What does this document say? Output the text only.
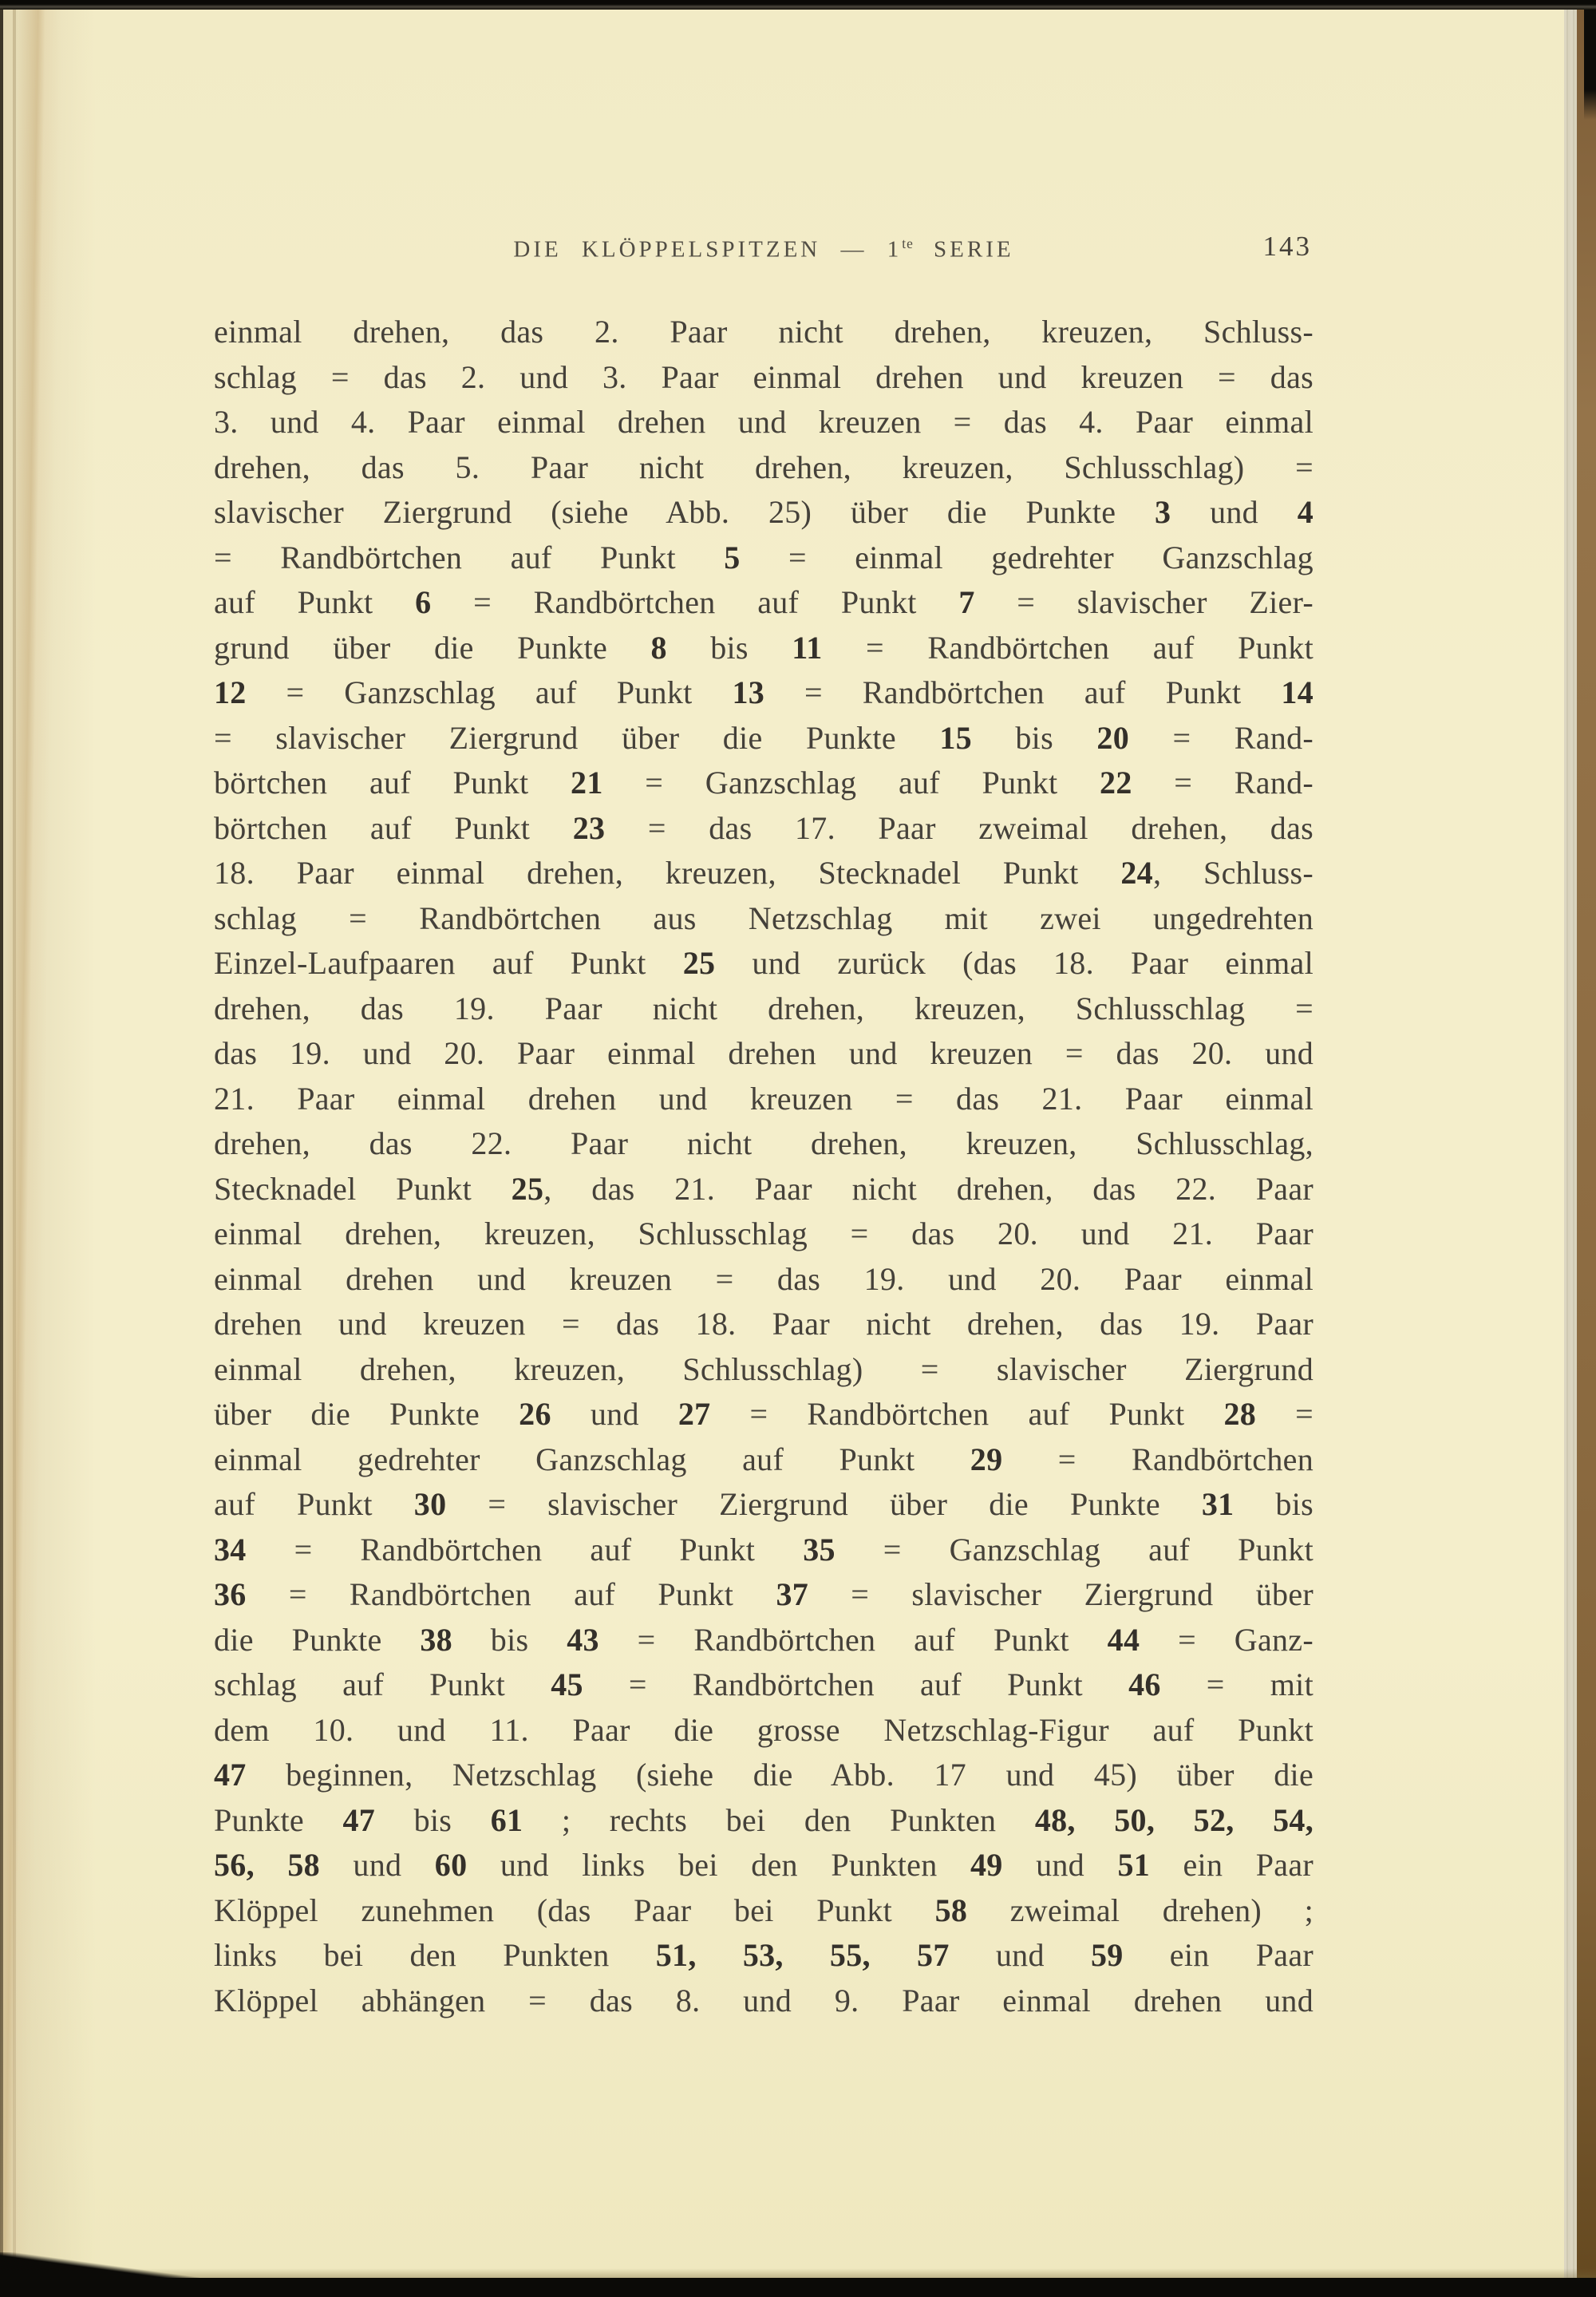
DIE KLÖPPELSPITZEN — $1^{te}$ SERIE	143
einmal drehen, das 2. Paar nicht drehen, kreuzen, Schluss-
schlag = das 2. und 3. Paar einmal drehen und kreuzen = das
3. und 4. Paar einmal drehen und kreuzen = das 4. Paar einmal
drehen, das 5. Paar nicht drehen, kreuzen, Schlusschlag) =
slavischer Ziergrund (siehe Abb. 25) über die Punkte 3 und 4
= Randbörtchen auf Punkt 5 = einmal gedrehter Ganzschlag
auf Punkt 6 = Randbörtchen auf Punkt 7 = slavischer Zier-
grund über die Punkte 8 bis 11 = Randbörtchen auf Punkt
12 = Ganzschlag auf Punkt 13 = Randbörtchen auf Punkt 14
= slavischer Ziergrund über die Punkte 15 bis 20 = Rand-
börtchen auf Punkt 21 = Ganzschlag auf Punkt 22 = Rand-
börtchen auf Punkt 23 = das 17. Paar zweimal drehen, das
18. Paar einmal drehen, kreuzen, Stecknadel Punkt 24, Schluss-
schlag = Randbörtchen aus Netzschlag mit zwei ungedrehten
Einzel-Laufpaaren auf Punkt 25 und zurück (das 18. Paar einmal
drehen, das 19. Paar nicht drehen, kreuzen, Schlusschlag =
das 19. und 20. Paar einmal drehen und kreuzen = das 20. und
21. Paar einmal drehen und kreuzen = das 21. Paar einmal
drehen, das 22. Paar nicht drehen, kreuzen, Schlusschlag,
Stecknadel Punkt 25, das 21. Paar nicht drehen, das 22. Paar
einmal drehen, kreuzen, Schlusschlag = das 20. und 21. Paar
einmal drehen und kreuzen = das 19. und 20. Paar einmal
drehen und kreuzen = das 18. Paar nicht drehen, das 19. Paar
einmal drehen, kreuzen, Schlusschlag) = slavischer Ziergrund
über die Punkte 26 und 27 = Randbörtchen auf Punkt 28 =
einmal gedrehter Ganzschlag auf Punkt 29 = Randbörtchen
auf Punkt 30 = slavischer Ziergrund über die Punkte 31 bis
34 = Randbörtchen auf Punkt 35 = Ganzschlag auf Punkt
36 = Randbörtchen auf Punkt 37 = slavischer Ziergrund über
die Punkte 38 bis 43 = Randbörtchen auf Punkt 44 = Ganz-
schlag auf Punkt 45 = Randbörtchen auf Punkt 46 = mit
dem 10. und 11. Paar die grosse Netzschlag-Figur auf Punkt
47 beginnen, Netzschlag (siehe die Abb. 17 und 45) über die
Punkte 47 bis 61 ; rechts bei den Punkten 48, 50, 52, 54,
56, 58 und 60 und links bei den Punkten 49 und 51 ein Paar
Klöppel zunehmen (das Paar bei Punkt 58 zweimal drehen) ;
links bei den Punkten 51, 53, 55, 57 und 59 ein Paar
Klöppel abhängen = das 8. und 9. Paar einmal drehen und
